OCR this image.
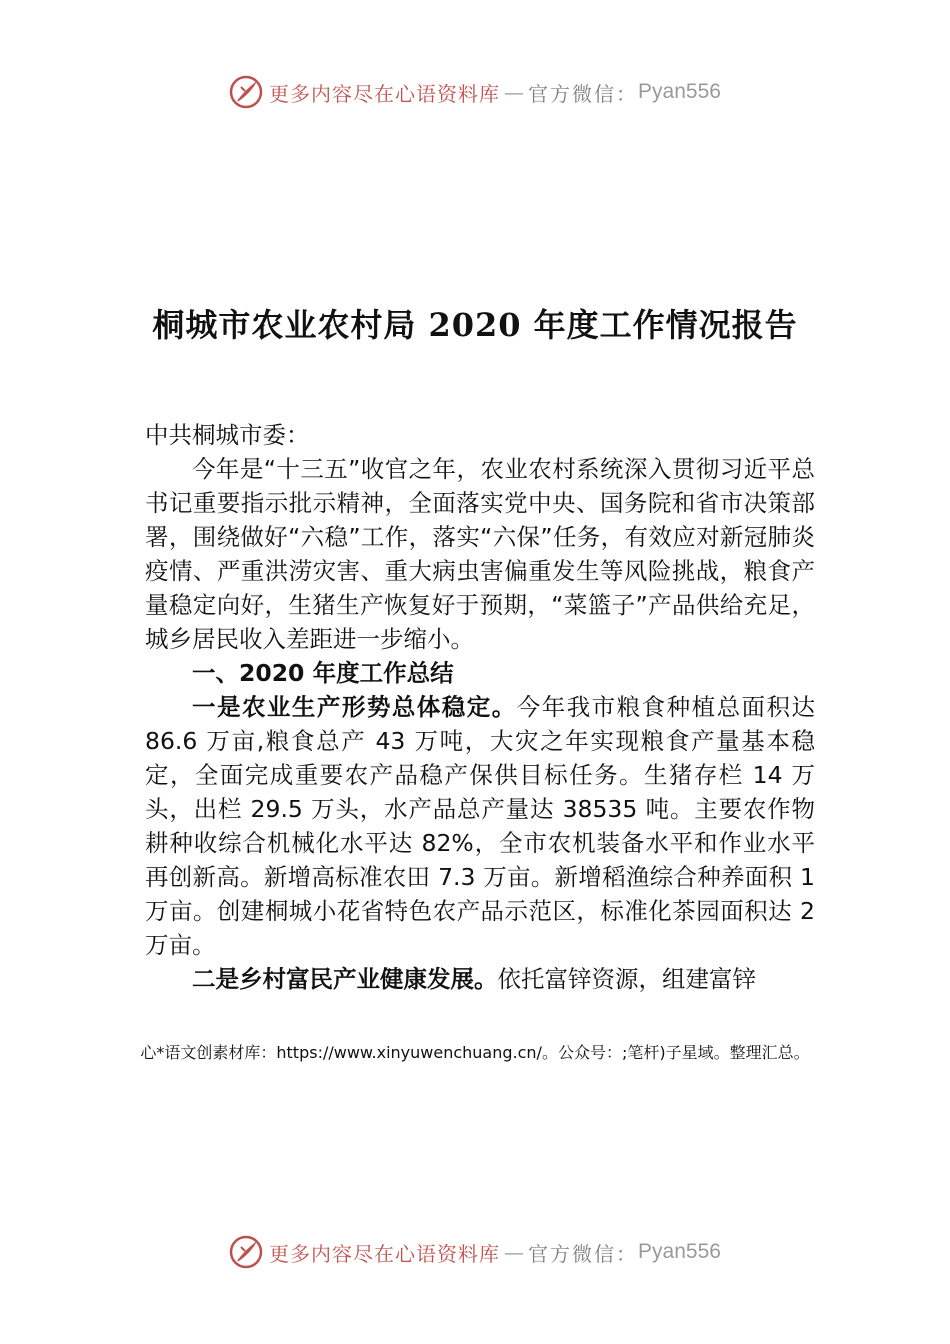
更多内容尽在心语资料库 — 官方微信： Pyan556
桐城市农业农村局 2020 年度工作情况报告

中共桐城市委：

今年是“十三五”收官之年，农业农村系统深入贯彻习近平总书记重要指示批示精神，全面落实党中央、国务院和省市决策部署，围绕做好“六稳”工作，落实“六保”任务，有效应对新冠肺炎疫情、严重洪涝灾害、重大病虫害偏重发生等风险挑战，粮食产量稳定向好，生猪生产恢复好于预期，“菜篮子”产品供给充足，城乡居民收入差距进一步缩小。

一、2020 年度工作总结

一是农业生产形势总体稳定。今年我市粮食种植总面积达 86.6 万亩,粮食总产 43 万吨，大灾之年实现粮食产量基本稳定，全面完成重要农产品稳产保供目标任务。生猪存栏 14 万头，出栏 29.5 万头，水产品总产量达 38535 吨。主要农作物耕种收综合机械化水平达 82%，全市农机装备水平和作业水平再创新高。新增高标准农田 7.3 万亩。新增稻渔综合种养面积 1 万亩。创建桐城小花省特色农产品示范区，标准化茶园面积达 2 万亩。

二是乡村富民产业健康发展。依托富锌资源，组建富锌

心*语文创素材库：https://www.xinyuwenchuang.cn/。公众号：;笔杆)子星域。整理汇总。
更多内容尽在心语资料库 — 官方微信： Pyan556
